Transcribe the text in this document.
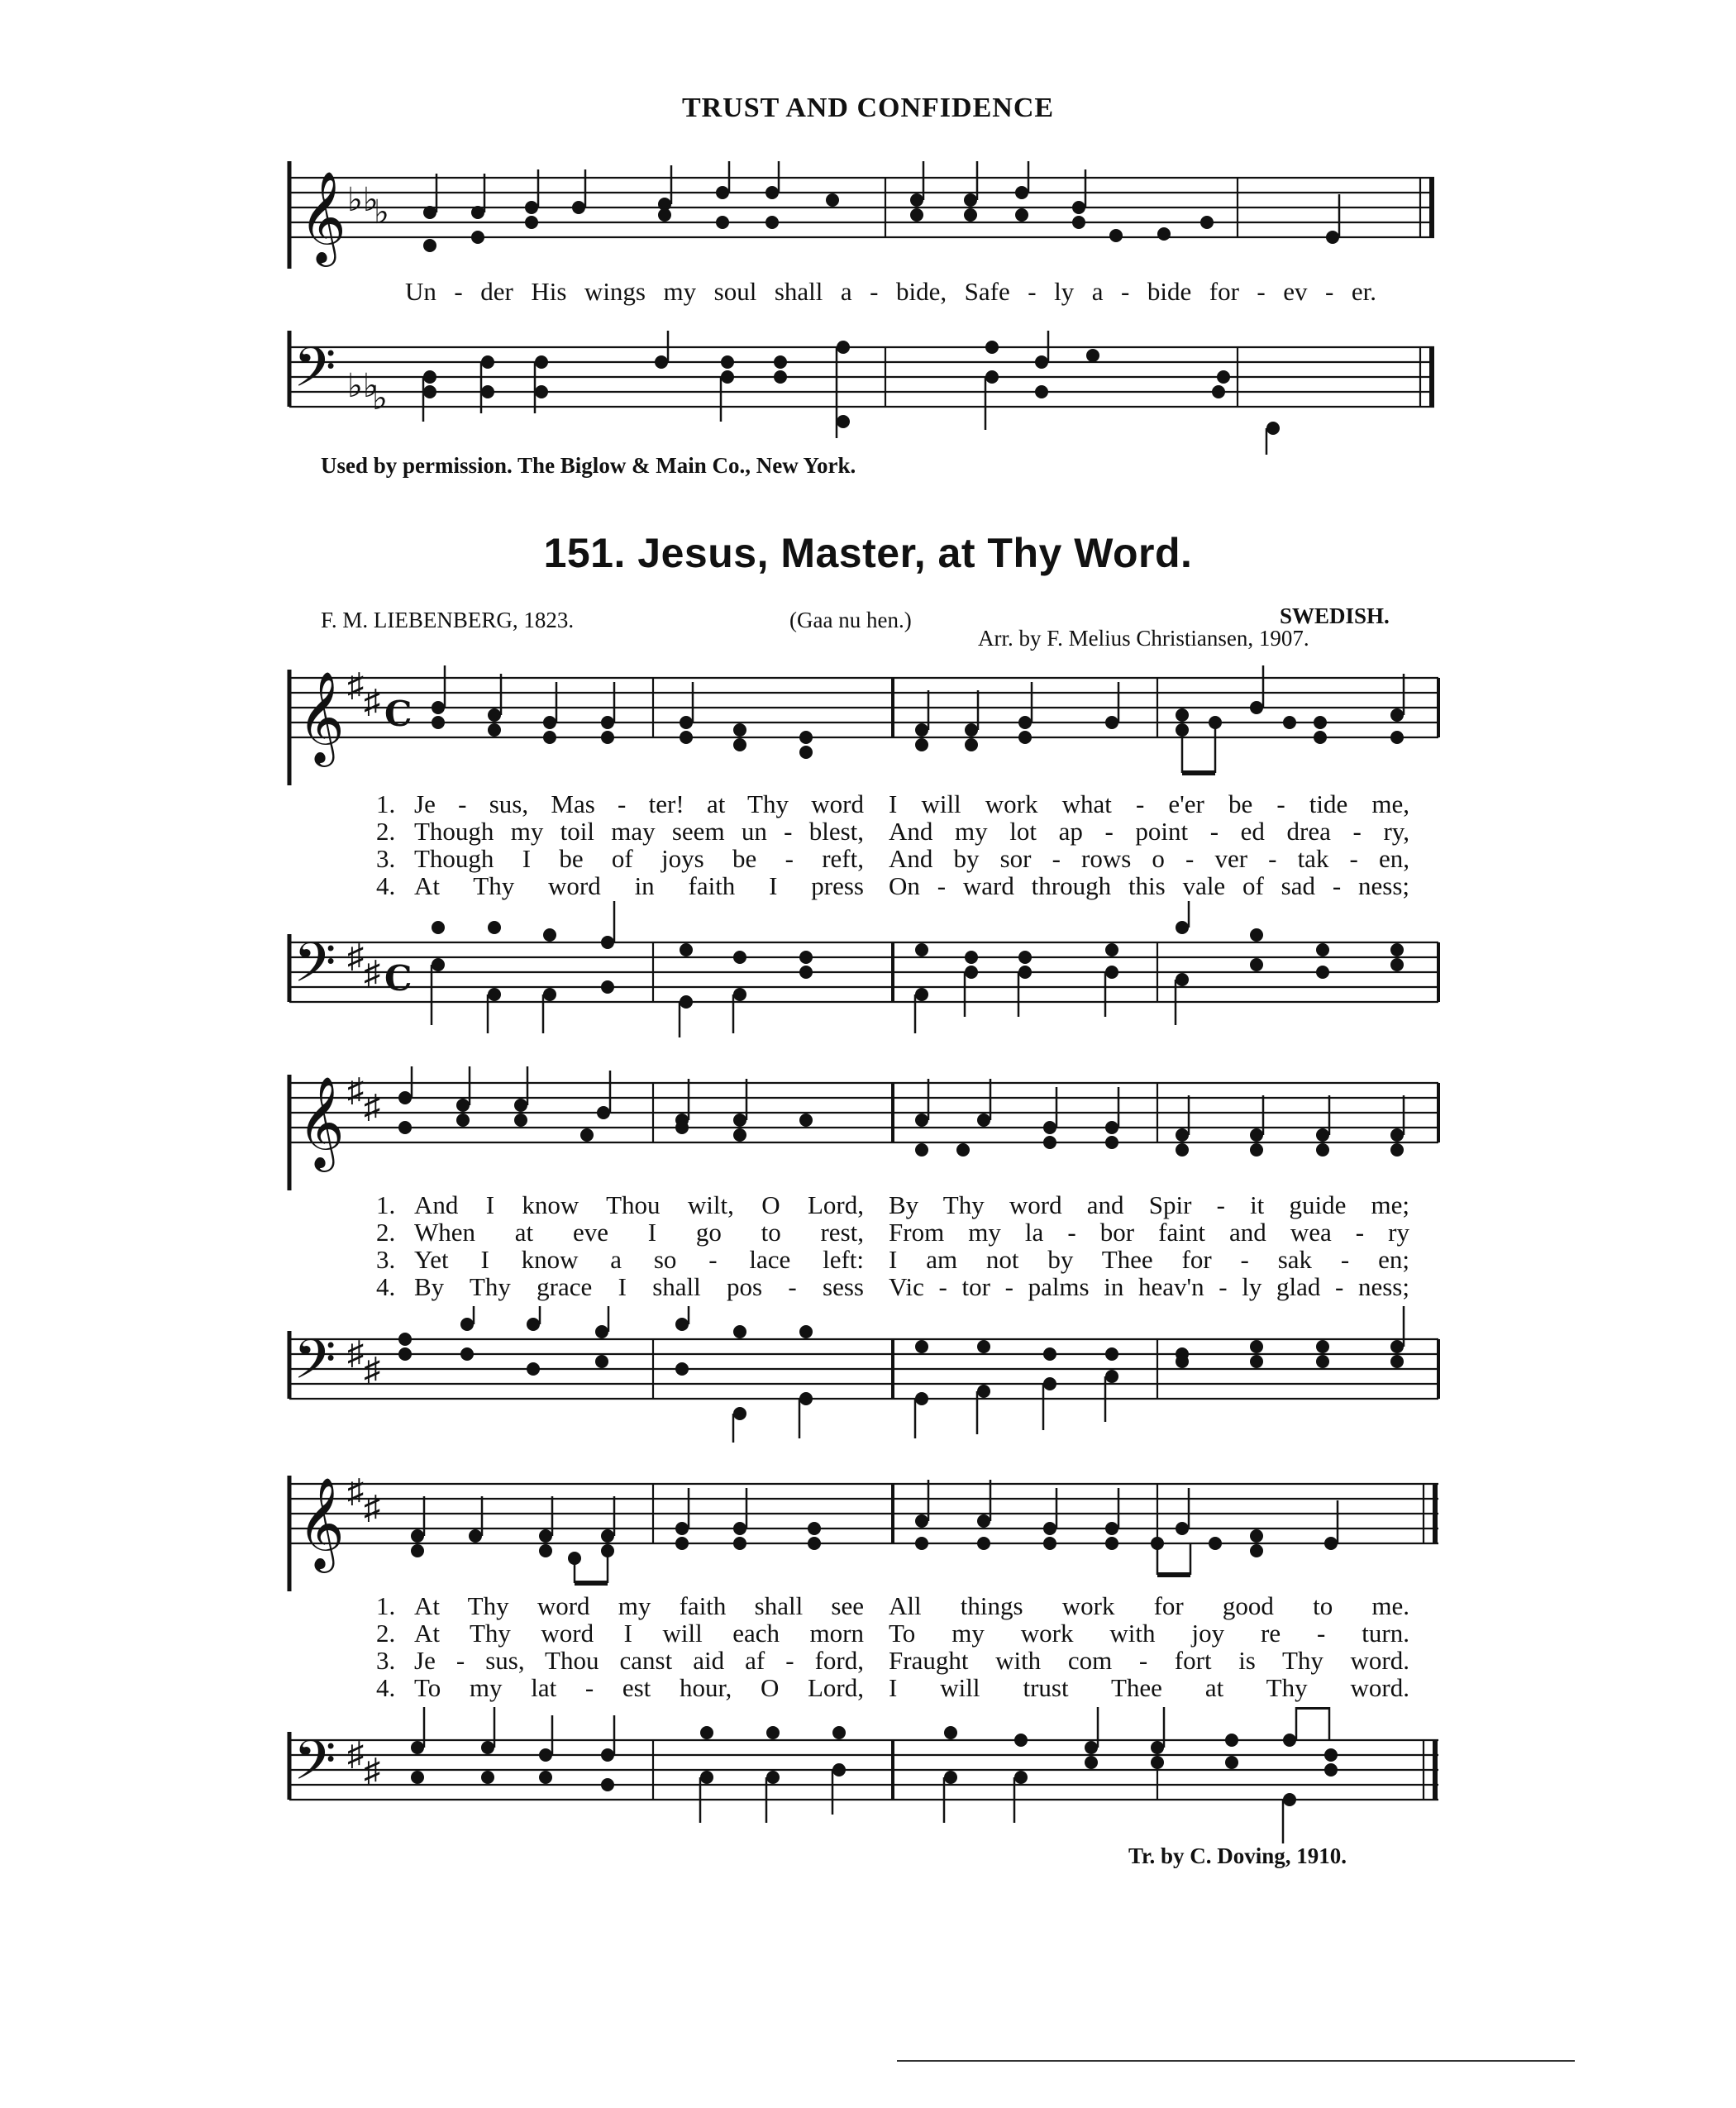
TRUST AND CONFIDENCE
𝄞 ♭♭
♭
Un - der His wings my soul shall a - bide, Safe - ly a - bide for - ev - er.
𝄢 ♭♭
♭
Used by permission. The Biglow & Main Co., New York.
151. Jesus, Master, at Thy Word.
F. M. LIEBENBERG, 1823.	(Gaa nu hen.)	SWEDISH.
Arr. by F. Melius Christiansen, 1907.
𝄞 ♯ ♯ C
1. Je - sus, Mas - ter! at Thy word I will work what - e'er be - tide me,
2. Though my toil may seem un - blest, And my lot ap - point - ed drea - ry,
3. Though I be of joys be - reft, And by sor - rows o - ver - tak - en,
4. At Thy word in faith I press On - ward through this vale of sad - ness;
𝄢 ♯ ♯ C
𝄞 ♯ ♯
1. And I know Thou wilt, O Lord, By Thy word and Spir - it guide me;
2. When at eve I go to rest, From my la - bor faint and wea - ry
3. Yet I know a so - lace left: I am not by Thee for - sak - en;
4. By Thy grace I shall pos - sess Vic - tor - palms in heav'n - ly glad - ness;
𝄢 ♯ ♯
𝄞 ♯ ♯
1. At Thy word my faith shall see All things work for good to me.
2. At Thy word I will each morn To my work with joy re - turn.
3. Je - sus, Thou canst aid af - ford, Fraught with com - fort is Thy word.
4. To my lat - est hour, O Lord, I will trust Thee at Thy word.
𝄢 ♯ ♯
Tr. by C. Doving, 1910.
